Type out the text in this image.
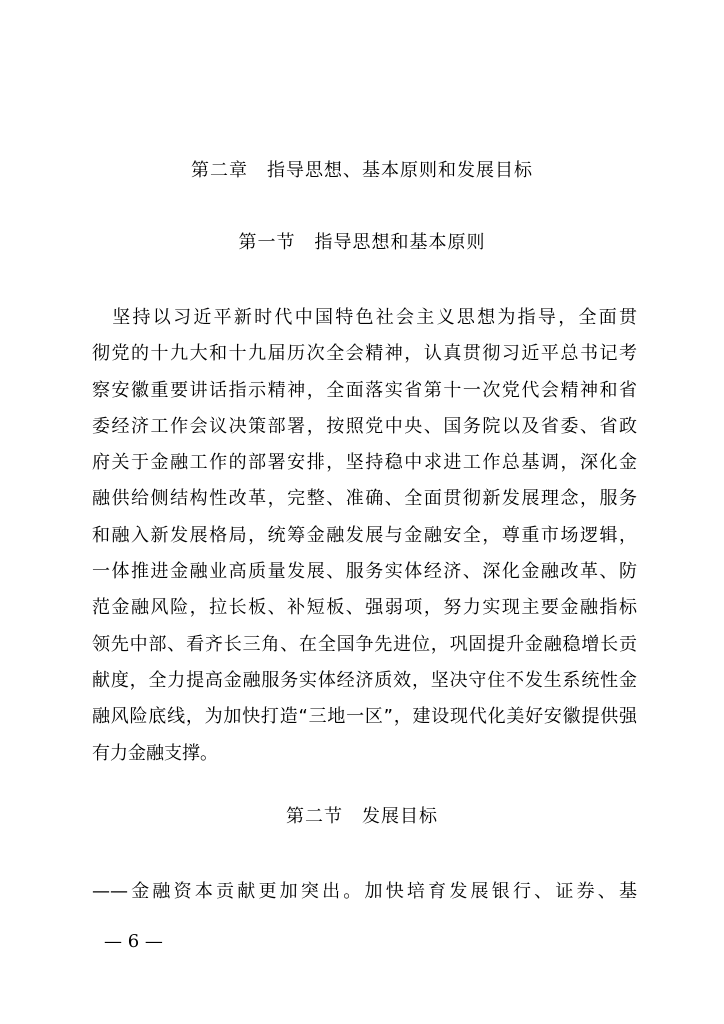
第二章　指导思想、基本原则和发展目标
第一节　指导思想和基本原则
　坚持以习近平新时代中国特色社会主义思想为指导，全面贯
彻党的十九大和十九届历次全会精神，认真贯彻习近平总书记考
察安徽重要讲话指示精神，全面落实省第十一次党代会精神和省
委经济工作会议决策部署，按照党中央、国务院以及省委、省政
府关于金融工作的部署安排，坚持稳中求进工作总基调，深化金
融供给侧结构性改革，完整、准确、全面贯彻新发展理念，服务
和融入新发展格局，统筹金融发展与金融安全，尊重市场逻辑，
一体推进金融业高质量发展、服务实体经济、深化金融改革、防
范金融风险，拉长板、补短板、强弱项，努力实现主要金融指标
领先中部、看齐长三角、在全国争先进位，巩固提升金融稳增长贡
献度，全力提高金融服务实体经济质效，坚决守住不发生系统性金
融风险底线，为加快打造“三地一区”，建设现代化美好安徽提供强
有力金融支撑。
第二节　发展目标
——金融资本贡献更加突出。加快培育发展银行、证券、基
— 6 —
